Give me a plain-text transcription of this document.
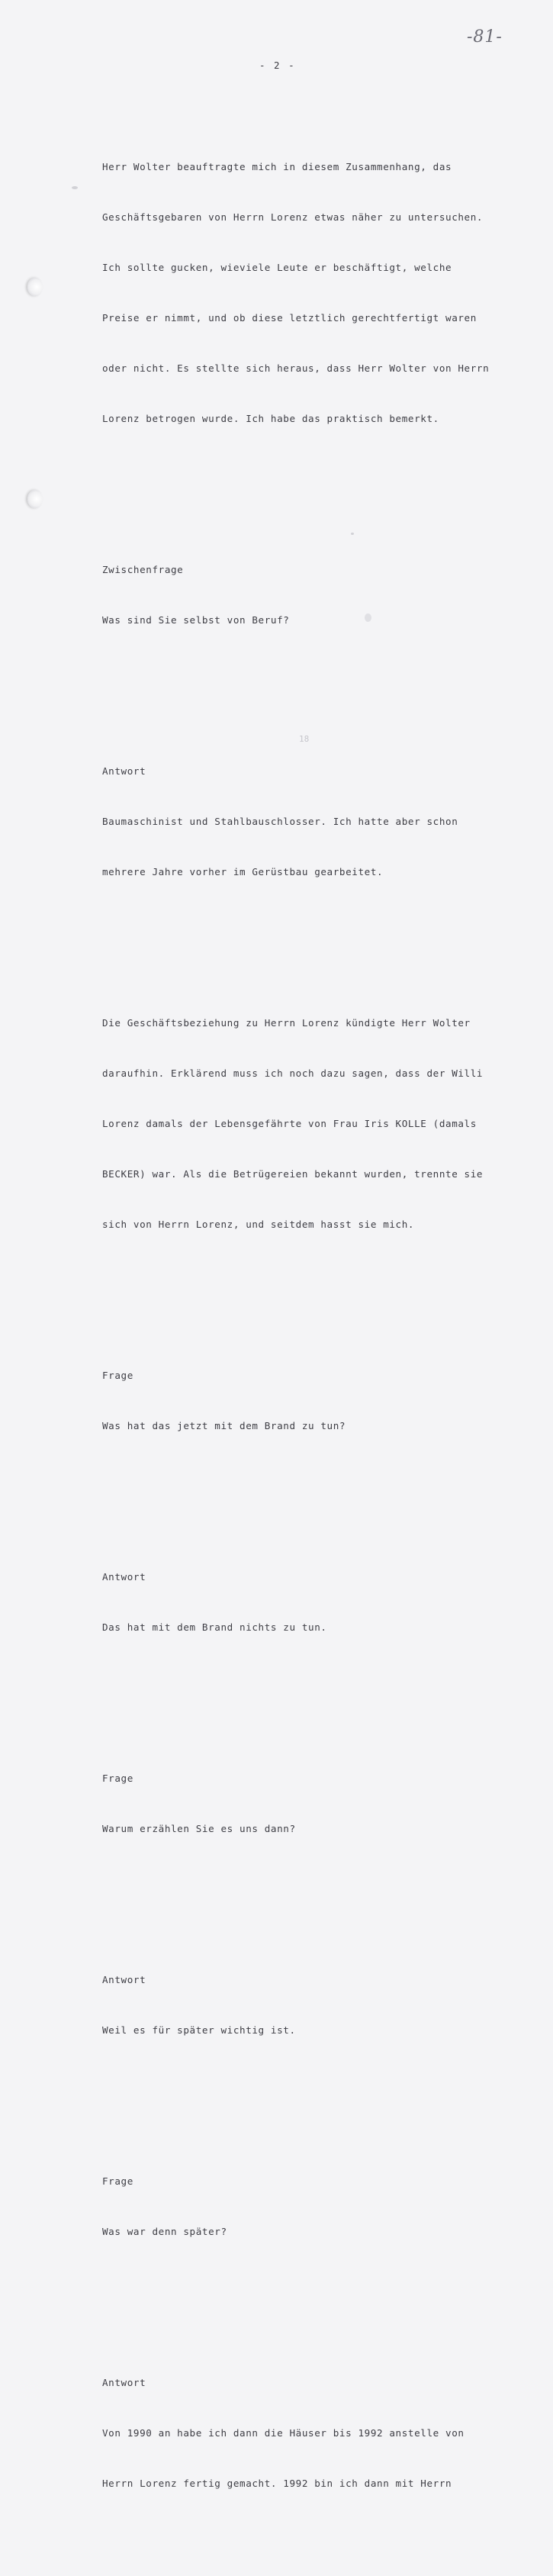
-81-
- 2 -

Herr Wolter beauftragte mich in diesem Zusammenhang, das

Geschäftsgebaren von Herrn Lorenz etwas näher zu untersuchen.

Ich sollte gucken, wieviele Leute er beschäftigt, welche

Preise er nimmt, und ob diese letztlich gerechtfertigt waren

oder nicht. Es stellte sich heraus, dass Herr Wolter von Herrn

Lorenz betrogen wurde. Ich habe das praktisch bemerkt.

Zwischenfrage

Was sind Sie selbst von Beruf?

Antwort

Baumaschinist und Stahlbauschlosser. Ich hatte aber schon

mehrere Jahre vorher im Gerüstbau gearbeitet.

Die Geschäftsbeziehung zu Herrn Lorenz kündigte Herr Wolter

daraufhin. Erklärend muss ich noch dazu sagen, dass der Willi

Lorenz damals der Lebensgefährte von Frau Iris KOLLE (damals

BECKER) war. Als die Betrügereien bekannt wurden, trennte sie

sich von Herrn Lorenz, und seitdem hasst sie mich.

Frage

Was hat das jetzt mit dem Brand zu tun?

Antwort

Das hat mit dem Brand nichts zu tun.

Frage

Warum erzählen Sie es uns dann?

Antwort

Weil es für später wichtig ist.

Frage

Was war denn später?

Antwort

Von 1990 an habe ich dann die Häuser bis 1992 anstelle von

Herrn Lorenz fertig gemacht. 1992 bin ich dann mit Herrn

18
